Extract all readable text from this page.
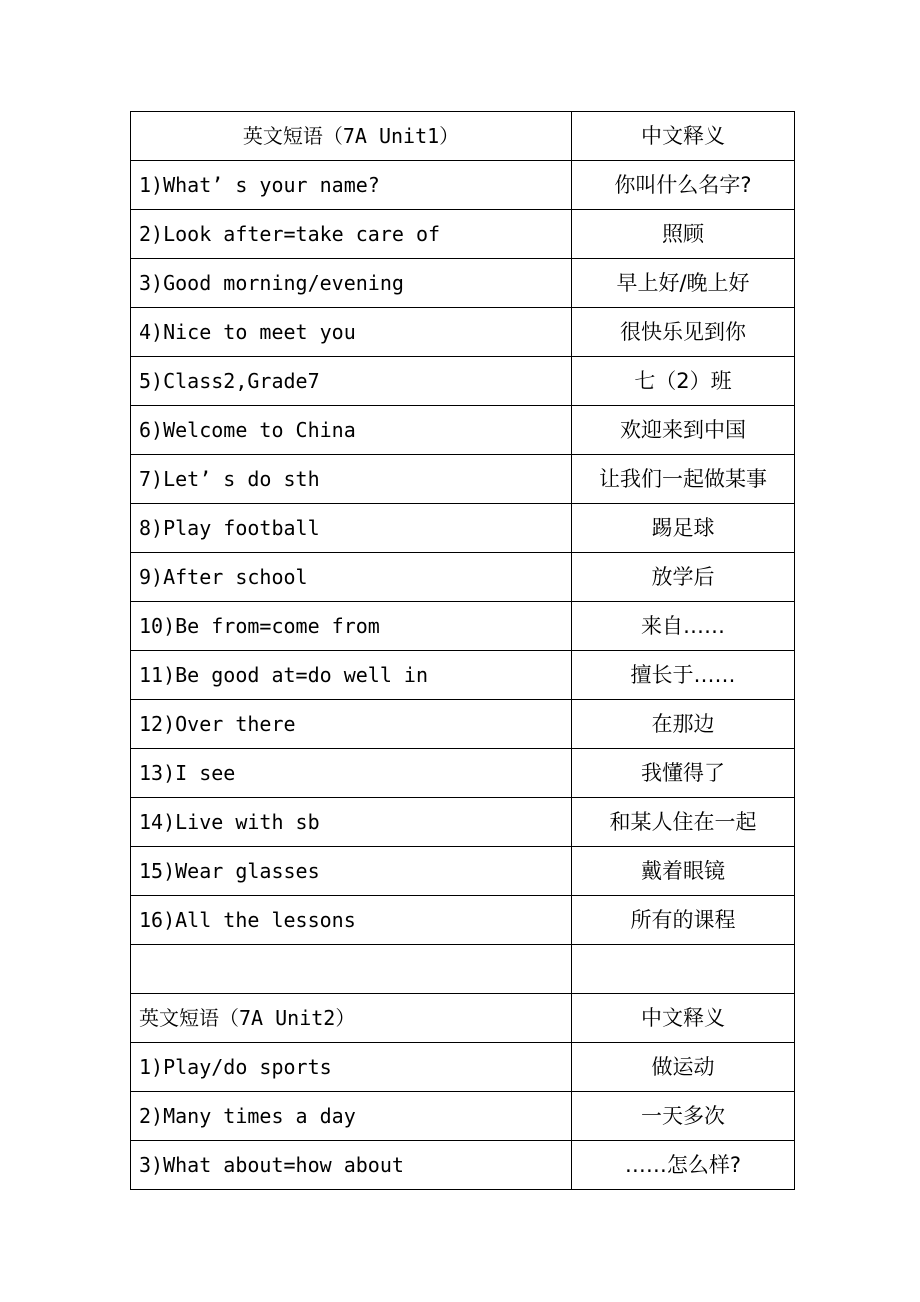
英文短语（7A Unit1）	中文释义
1)What’ s your name?	你叫什么名字?
2)Look after=take care of	照顾
3)Good morning/evening	早上好/晚上好
4)Nice to meet you	很快乐见到你
5)Class2,Grade7	七（2）班
6)Welcome to China	欢迎来到中国
7)Let’ s do sth	让我们一起做某事
8)Play football	踢足球
9)After school	放学后
10)Be from=come from	来自……
11)Be good at=do well in	擅长于……
12)Over there	在那边
13)I see	我懂得了
14)Live with sb	和某人住在一起
15)Wear glasses	戴着眼镜
16)All the lessons	所有的课程

英文短语（7A Unit2）	中文释义
1)Play/do sports	做运动
2)Many times a day	一天多次
3)What about=how about	……怎么样?
